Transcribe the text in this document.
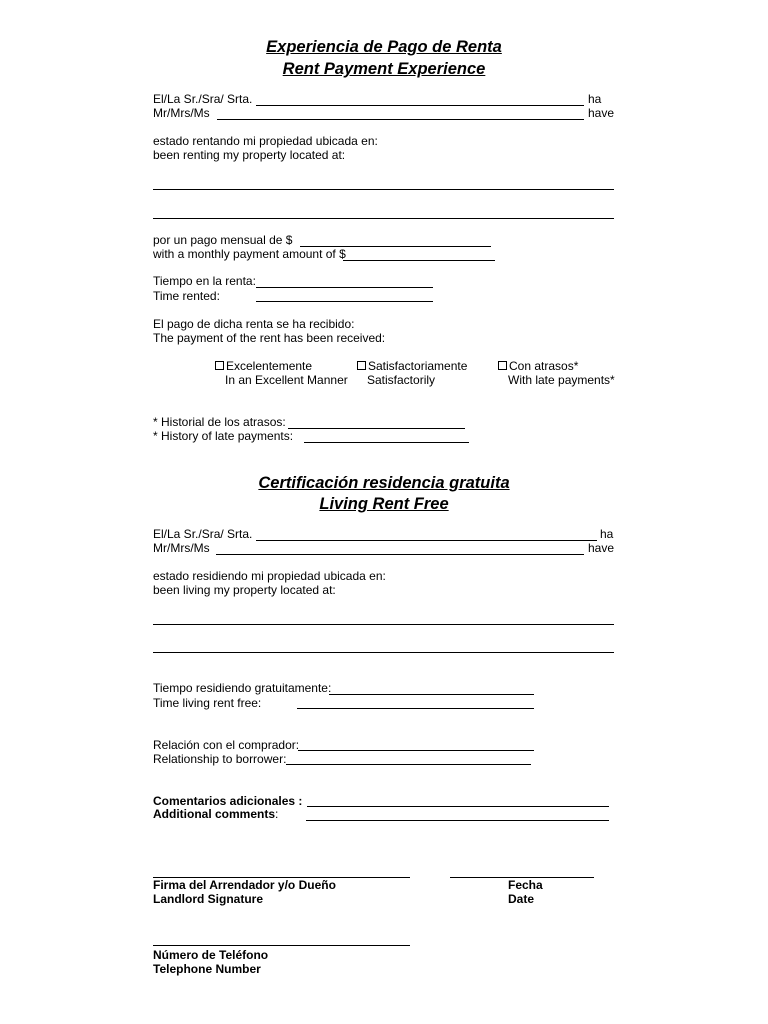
Experiencia de Pago de Renta
Rent Payment Experience
El/La Sr./Sra/ Srta.	ha
Mr/Mrs/Ms	have
estado rentando mi propiedad ubicada en:
been renting my property located at:
por un pago mensual de $
with a monthly payment amount of $
Tiempo en la renta:
Time rented:
El pago de dicha renta se ha recibido:
The payment of the rent has been received:
Excelentemente
In an Excellent Manner
Satisfactoriamente
Satisfactorily
Con atrasos*
With late payments*
* Historial de los atrasos:
* History of late payments:
Certificación residencia gratuita
Living Rent Free
El/La Sr./Sra/ Srta.	ha
Mr/Mrs/Ms	have
estado residiendo mi propiedad ubicada en:
been living my property located at:
Tiempo residiendo gratuitamente:
Time living rent free:
Relación con el comprador:
Relationship to borrower:
Comentarios adicionales :
Additional comments:
Firma del Arrendador y/o Dueño
Landlord Signature
Fecha
Date
Número de Teléfono
Telephone Number
